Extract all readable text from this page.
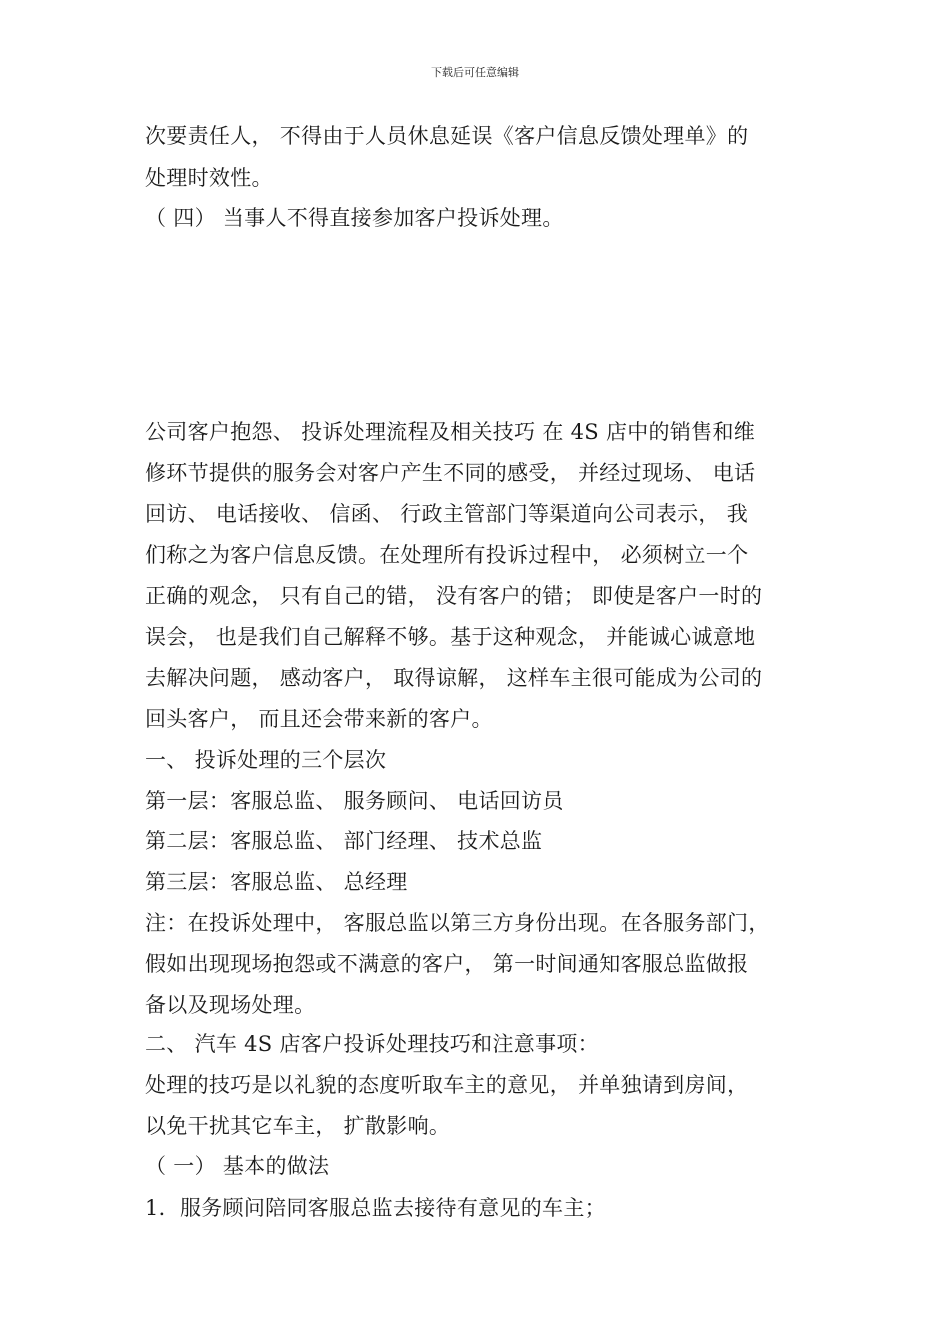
下载后可任意编辑
次要责任人， 不得由于人员休息延误《客户信息反馈处理单》的
处理时效性。
（ 四） 当事人不得直接参加客户投诉处理。
公司客户抱怨、 投诉处理流程及相关技巧 在 4S 店中的销售和维
修环节提供的服务会对客户产生不同的感受， 并经过现场、 电话
回访、 电话接收、 信函、 行政主管部门等渠道向公司表示， 我
们称之为客户信息反馈。在处理所有投诉过程中， 必须树立一个
正确的观念， 只有自己的错， 没有客户的错； 即使是客户一时的
误会， 也是我们自己解释不够。基于这种观念， 并能诚心诚意地
去解决问题， 感动客户， 取得谅解， 这样车主很可能成为公司的
回头客户， 而且还会带来新的客户。
一、 投诉处理的三个层次
第一层：客服总监、 服务顾问、 电话回访员
第二层：客服总监、 部门经理、 技术总监
第三层：客服总监、 总经理
注：在投诉处理中， 客服总监以第三方身份出现。在各服务部门，
假如出现现场抱怨或不满意的客户， 第一时间通知客服总监做报
备以及现场处理。
二、 汽车 4S 店客户投诉处理技巧和注意事项：
处理的技巧是以礼貌的态度听取车主的意见， 并单独请到房间，
以免干扰其它车主， 扩散影响。
（ 一） 基本的做法
1．服务顾问陪同客服总监去接待有意见的车主；
